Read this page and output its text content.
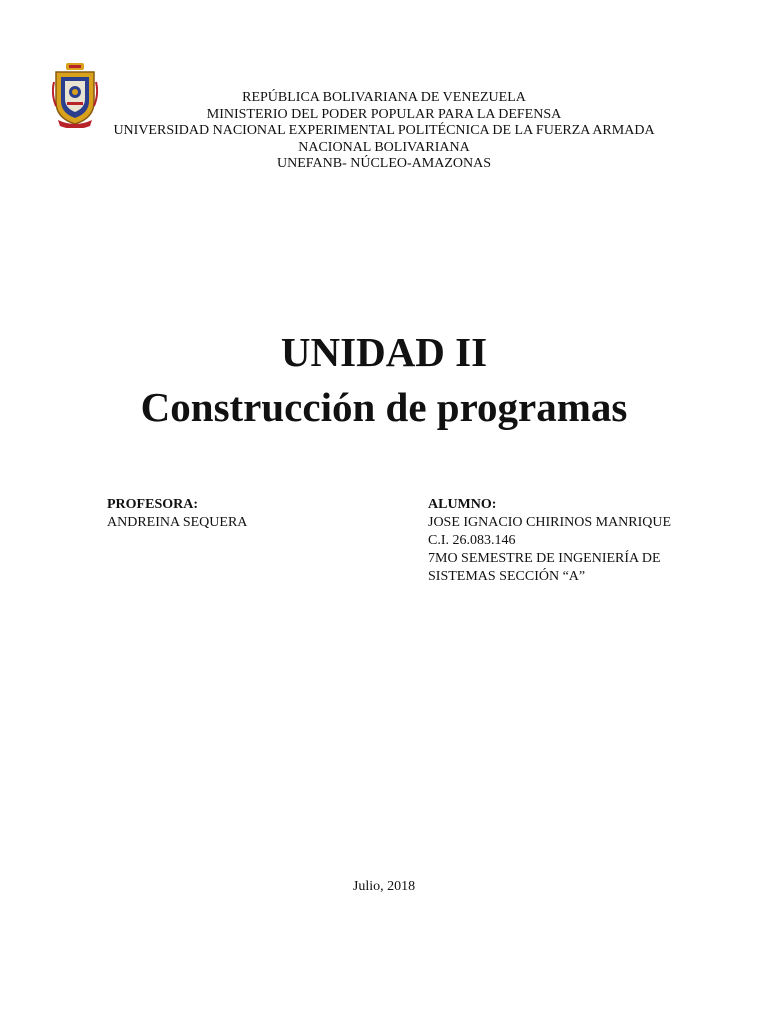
REPÚBLICA BOLIVARIANA DE VENEZUELA
MINISTERIO DEL PODER POPULAR PARA LA DEFENSA
UNIVERSIDAD NACIONAL EXPERIMENTAL POLITÉCNICA DE LA FUERZA ARMADA
NACIONAL BOLIVARIANA
UNEFANB- NÚCLEO-AMAZONAS
UNIDAD II
Construcción de programas
PROFESORA:
ANDREINA SEQUERA
ALUMNO:
JOSE IGNACIO CHIRINOS MANRIQUE
C.I. 26.083.146
7MO SEMESTRE DE INGENIERÍA DE
SISTEMAS SECCIÓN “A”
Julio, 2018
